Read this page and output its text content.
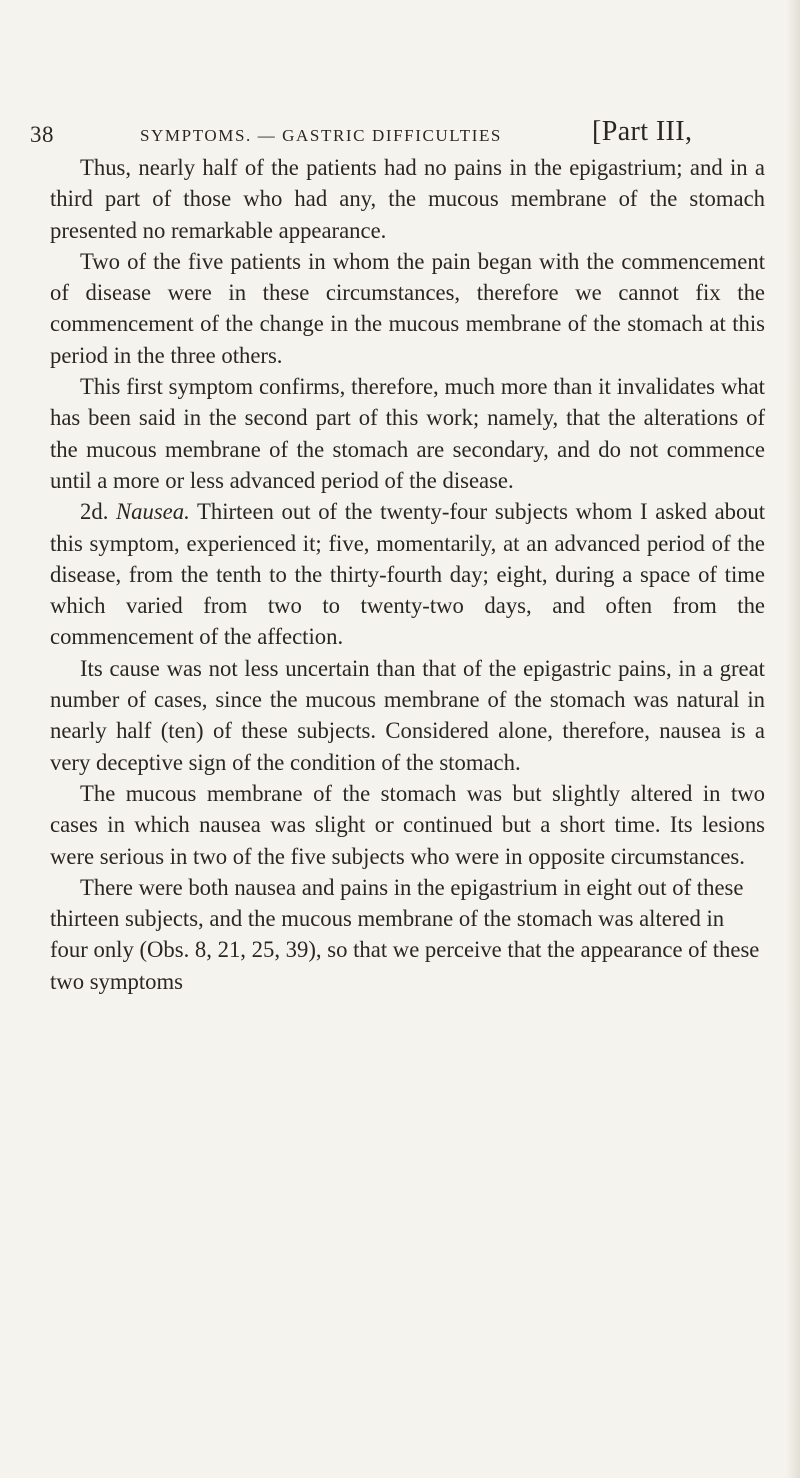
38	SYMPTOMS. — GASTRIC DIFFICULTIES	[Part III,

Thus, nearly half of the patients had no pains in the epigastrium; and in a third part of those who had any, the mucous membrane of the stomach presented no remarkable appearance.

Two of the five patients in whom the pain began with the commencement of disease were in these circumstances, therefore we cannot fix the commencement of the change in the mucous membrane of the stomach at this period in the three others.

This first symptom confirms, therefore, much more than it invalidates what has been said in the second part of this work; namely, that the alterations of the mucous membrane of the stomach are secondary, and do not commence until a more or less advanced period of the disease.

2d. Nausea. Thirteen out of the twenty-four subjects whom I asked about this symptom, experienced it; five, momentarily, at an advanced period of the disease, from the tenth to the thirty-fourth day; eight, during a space of time which varied from two to twenty-two days, and often from the commencement of the affection.

Its cause was not less uncertain than that of the epigastric pains, in a great number of cases, since the mucous membrane of the stomach was natural in nearly half (ten) of these subjects. Considered alone, therefore, nausea is a very deceptive sign of the condition of the stomach.

The mucous membrane of the stomach was but slightly altered in two cases in which nausea was slight or continued but a short time. Its lesions were serious in two of the five subjects who were in opposite circumstances.

There were both nausea and pains in the epigastrium in eight out of these thirteen subjects, and the mucous membrane of the stomach was altered in four only (Obs. 8, 21, 25, 39), so that we perceive that the appearance of these two symptoms
